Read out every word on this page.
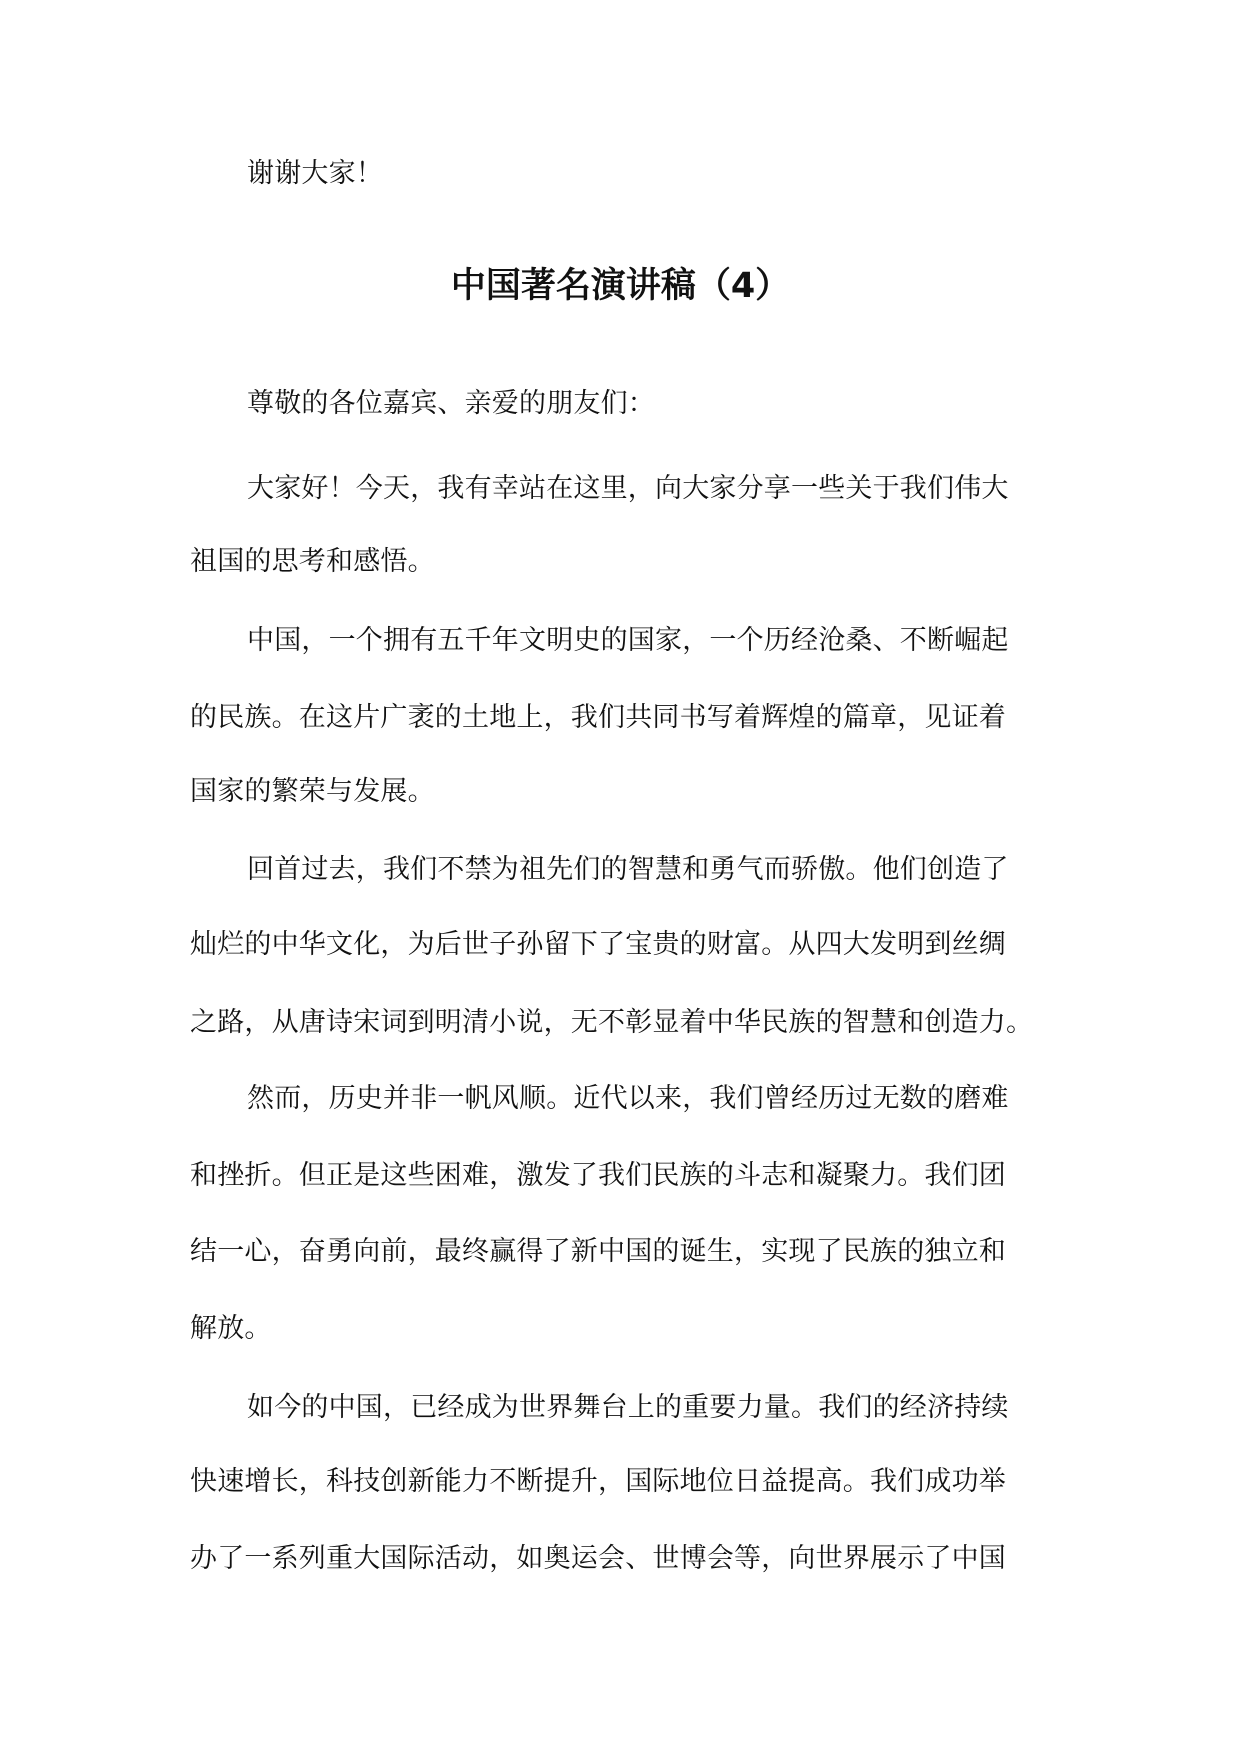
谢谢大家！
中国著名演讲稿（4）
尊敬的各位嘉宾、亲爱的朋友们：
大家好！今天，我有幸站在这里，向大家分享一些关于我们伟大
祖国的思考和感悟。
中国，一个拥有五千年文明史的国家，一个历经沧桑、不断崛起
的民族。在这片广袤的土地上，我们共同书写着辉煌的篇章，见证着
国家的繁荣与发展。
回首过去，我们不禁为祖先们的智慧和勇气而骄傲。他们创造了
灿烂的中华文化，为后世子孙留下了宝贵的财富。从四大发明到丝绸
之路，从唐诗宋词到明清小说，无不彰显着中华民族的智慧和创造力。
然而，历史并非一帆风顺。近代以来，我们曾经历过无数的磨难
和挫折。但正是这些困难，激发了我们民族的斗志和凝聚力。我们团
结一心，奋勇向前，最终赢得了新中国的诞生，实现了民族的独立和
解放。
如今的中国，已经成为世界舞台上的重要力量。我们的经济持续
快速增长，科技创新能力不断提升，国际地位日益提高。我们成功举
办了一系列重大国际活动，如奥运会、世博会等，向世界展示了中国
